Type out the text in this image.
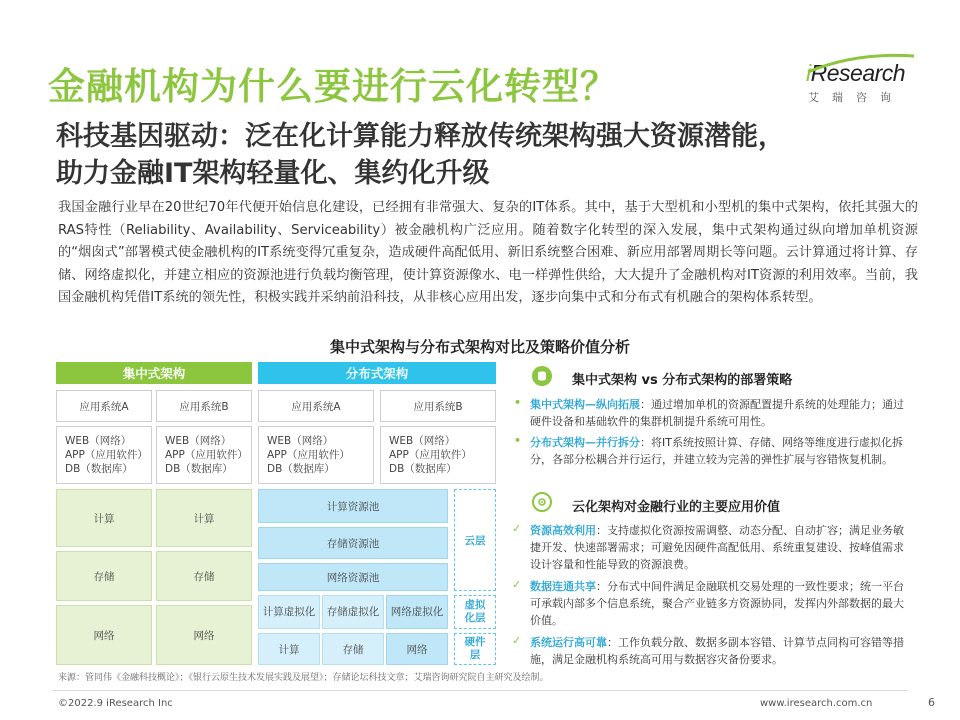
金融机构为什么要进行云化转型？	iResearch
艾瑞咨询
科技基因驱动：泛在化计算能力释放传统架构强大资源潜能，
助力金融IT架构轻量化、集约化升级
我国金融行业早在20世纪70年代便开始信息化建设，已经拥有非常强大、复杂的IT体系。其中，基于大型机和小型机的集中式架构，依托其强大的RAS特性（Reliability、Availability、Serviceability）被金融机构广泛应用。随着数字化转型的深入发展，集中式架构通过纵向增加单机资源的“烟囱式”部署模式使金融机构的IT系统变得冗重复杂，造成硬件高配低用、新旧系统整合困难、新应用部署周期长等问题。云计算通过将计算、存储、网络虚拟化，并建立相应的资源池进行负载均衡管理，使计算资源像水、电一样弹性供给，大大提升了金融机构对IT资源的利用效率。当前，我国金融机构凭借IT系统的领先性，积极实践并采纳前沿科技，从非核心应用出发，逐步向集中式和分布式有机融合的架构体系转型。
集中式架构与分布式架构对比及策略价值分析
集中式架构	分布式架构
应用系统A	应用系统B	应用系统A	应用系统B
WEB（网络）
APP（应用软件）
DB（数据库）
WEB（网络）
APP（应用软件）
DB（数据库）
WEB（网络）
APP（应用软件）
DB（数据库）
WEB（网络）
APP（应用软件）
DB（数据库）
计算	计算
存储	存储
网络	网络
计算资源池
存储资源池
网络资源池
计算虚拟化	存储虚拟化	网络虚拟化
计算	存储	网络
云层
虚拟化层
硬件层
集中式架构 vs 分布式架构的部署策略
• 集中式架构—纵向拓展：通过增加单机的资源配置提升系统的处理能力；通过硬件设备和基础软件的集群机制提升系统可用性。
• 分布式架构—并行拆分：将IT系统按照计算、存储、网络等维度进行虚拟化拆分，各部分松耦合并行运行，并建立较为完善的弹性扩展与容错恢复机制。
云化架构对金融行业的主要应用价值
✓ 资源高效利用：支持虚拟化资源按需调整、动态分配、自动扩容；满足业务敏捷开发、快速部署需求；可避免因硬件高配低用、系统重复建设、按峰值需求设计容量和性能导致的资源浪费。
✓ 数据连通共享：分布式中间件满足金融联机交易处理的一致性要求；统一平台可承载内部多个信息系统，聚合产业链多方资源协同，发挥内外部数据的最大价值。
✓ 系统运行高可靠：工作负载分散、数据多副本容错、计算节点同构可容错等措施，满足金融机构系统高可用与数据容灾备份要求。
来源：管同伟《金融科技概论》；《银行云原生技术发展实践及展望》；存储论坛科技文章；艾瑞咨询研究院自主研究及绘制。
©2022.9 iResearch Inc	www.iresearch.com.cn	6
